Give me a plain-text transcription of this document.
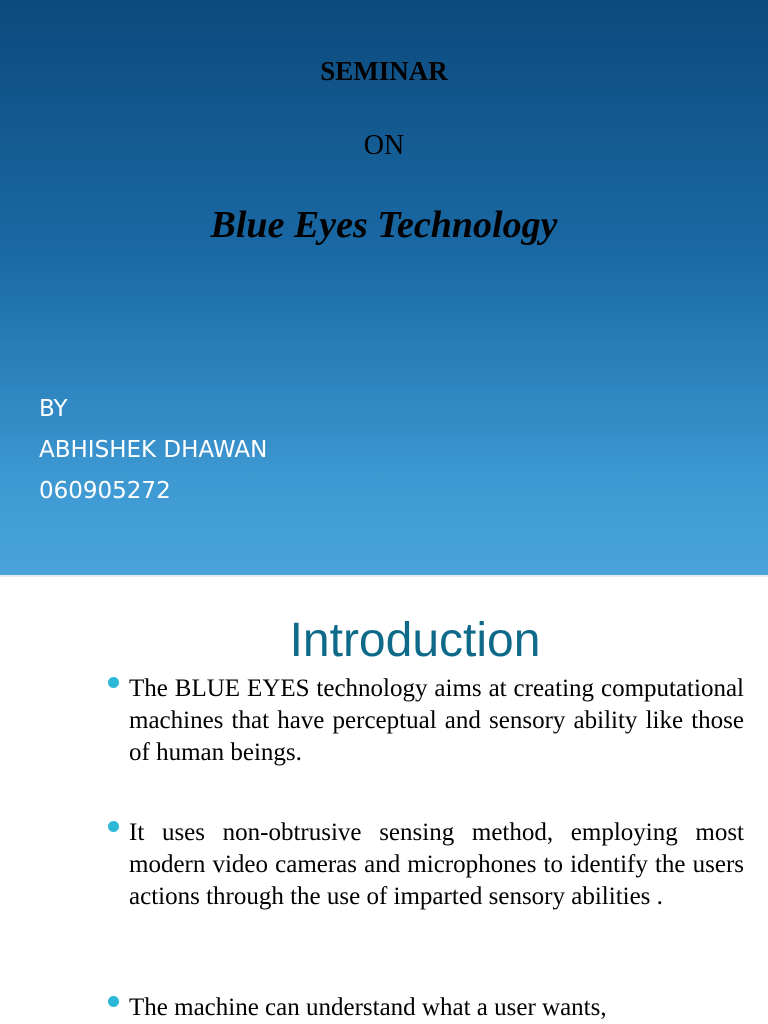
SEMINAR
ON
Blue Eyes Technology
BY
ABHISHEK DHAWAN
060905272
Introduction
The BLUE EYES technology aims at creating computational machines that have perceptual and sensory ability like those of human beings.
It uses non-obtrusive sensing method, employing most modern video cameras and microphones to identify the users actions through the use of imparted sensory abilities .
The machine can understand what a user wants,
